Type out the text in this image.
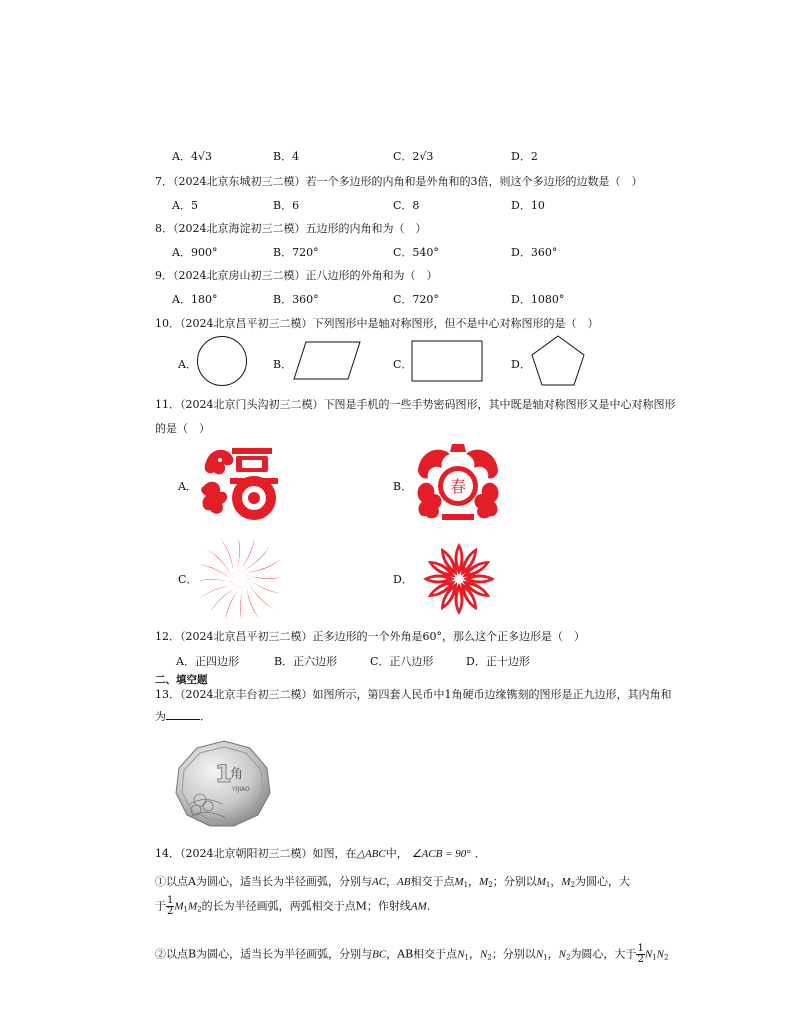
A．4√3	B．4	C．2√3	D．2
7．（2024北京东城初三二模）若一个多边形的内角和是外角和的3倍，则这个多边形的边数是（　）
A．5	B．6	C．8	D．10
8．（2024北京海淀初三二模）五边形的内角和为（　）
A．900°	B．720°	C．540°	D．360°
9．（2024北京房山初三二模）正八边形的外角和为（　）
A．180°	B．360°	C．720°	D．1080°
10．（2024北京昌平初三二模）下列图形中是轴对称图形，但不是中心对称图形的是（　）
A．	B．	C．	D．
11．（2024北京门头沟初三二模）下图是手机的一些手势密码图形，其中既是轴对称图形又是中心对称图形
的是（　）
A．	B． 春
C．	D．
12．（2024北京昌平初三二模）正多边形的一个外角是60°，那么这个正多边形是（　）
A．正四边形	B．正六边形	C．正八边形	D．正十边形
二、填空题
13．（2024北京丰台初三二模）如图所示，第四套人民币中1角硬币边缘镌刻的图形是正九边形，其内角和
为	．
1
角
YIJIAO
14．（2024北京朝阳初三二模）如图，在△ABC中， ∠ACB = 90° ．
①以点A为圆心，适当长为半径画弧，分别与AC，AB相交于点$M_1$，$M_2$；分别以$M_1$，$M_2$为圆心，大
于 $\frac{1}{2} M_1M_2$的长为半径画弧，两弧相交于点M；作射线AM．
②以点B为圆心，适当长为半径画弧，分别与BC，AB相交于点$N_1$，$N_2$；分别以$N_1$，$N_2$为圆心，大于 $\frac{1}{2} N_1N_2$
